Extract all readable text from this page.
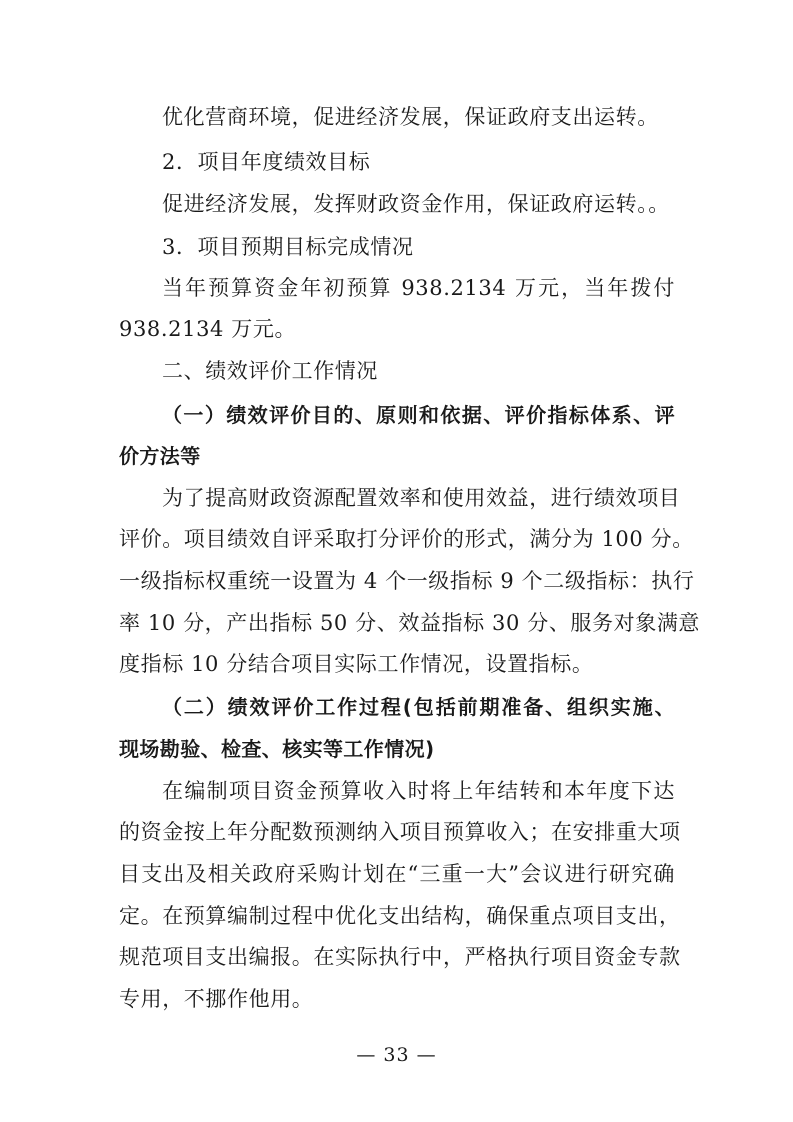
优化营商环境，促进经济发展，保证政府支出运转。
2．项目年度绩效目标
促进经济发展，发挥财政资金作用，保证政府运转。。
3．项目预期目标完成情况
当年预算资金年初预算 938.2134 万元，当年拨付
938.2134 万元。
二、绩效评价工作情况
（一）绩效评价目的、原则和依据、评价指标体系、评
价方法等
为了提高财政资源配置效率和使用效益，进行绩效项目
评价。项目绩效自评采取打分评价的形式，满分为 100 分。
一级指标权重统一设置为 4 个一级指标 9 个二级指标：执行
率 10 分，产出指标 50 分、效益指标 30 分、服务对象满意
度指标 10 分结合项目实际工作情况，设置指标。
（二）绩效评价工作过程(包括前期准备、组织实施、
现场勘验、检查、核实等工作情况)
在编制项目资金预算收入时将上年结转和本年度下达
的资金按上年分配数预测纳入项目预算收入；在安排重大项
目支出及相关政府采购计划在“三重一大”会议进行研究确
定。在预算编制过程中优化支出结构，确保重点项目支出，
规范项目支出编报。在实际执行中，严格执行项目资金专款
专用，不挪作他用。
— 33 —
